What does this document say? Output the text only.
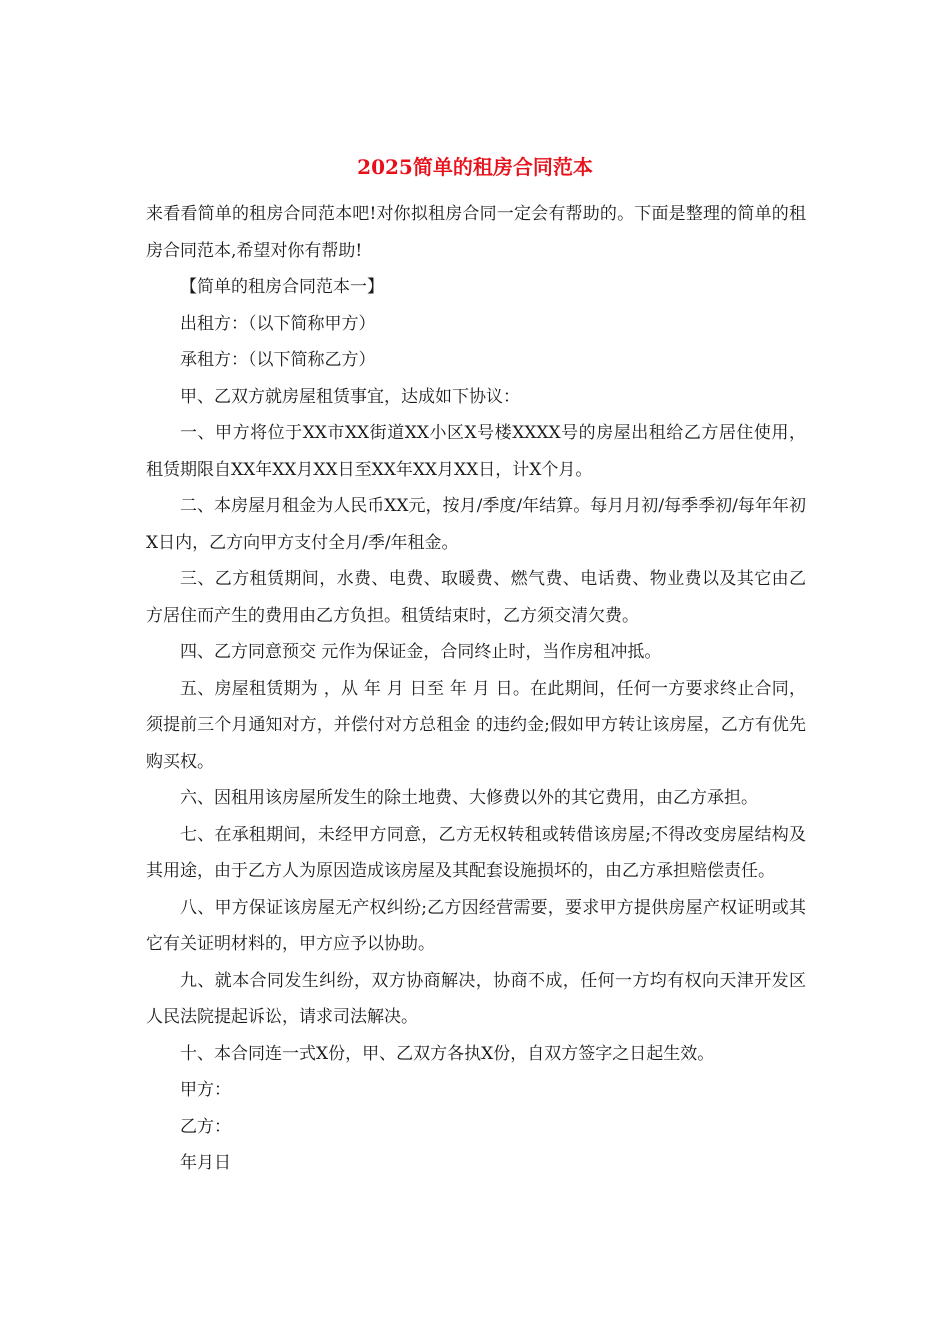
2025简单的租房合同范本

来看看简单的租房合同范本吧!对你拟租房合同一定会有帮助的。下面是整理的简单的租房合同范本,希望对你有帮助!

【简单的租房合同范本一】

出租方：（以下简称甲方）

承租方：（以下简称乙方）

甲、乙双方就房屋租赁事宜，达成如下协议：

一、甲方将位于XX市XX街道XX小区X号楼XXXX号的房屋出租给乙方居住使用，租赁期限自XX年XX月XX日至XX年XX月XX日，计X个月。

二、本房屋月租金为人民币XX元，按月/季度/年结算。每月月初/每季季初/每年年初X日内，乙方向甲方支付全月/季/年租金。

三、乙方租赁期间，水费、电费、取暖费、燃气费、电话费、物业费以及其它由乙方居住而产生的费用由乙方负担。租赁结束时，乙方须交清欠费。

四、乙方同意预交 元作为保证金，合同终止时，当作房租冲抵。

五、房屋租赁期为 ，从 年 月 日至 年 月 日。在此期间，任何一方要求终止合同，须提前三个月通知对方，并偿付对方总租金 的违约金;假如甲方转让该房屋，乙方有优先购买权。

六、因租用该房屋所发生的除土地费、大修费以外的其它费用，由乙方承担。

七、在承租期间，未经甲方同意，乙方无权转租或转借该房屋;不得改变房屋结构及其用途，由于乙方人为原因造成该房屋及其配套设施损坏的，由乙方承担赔偿责任。

八、甲方保证该房屋无产权纠纷;乙方因经营需要，要求甲方提供房屋产权证明或其它有关证明材料的，甲方应予以协助。

九、就本合同发生纠纷，双方协商解决，协商不成，任何一方均有权向天津开发区人民法院提起诉讼，请求司法解决。

十、本合同连一式X份，甲、乙双方各执X份，自双方签字之日起生效。

甲方：

乙方：

年月日
